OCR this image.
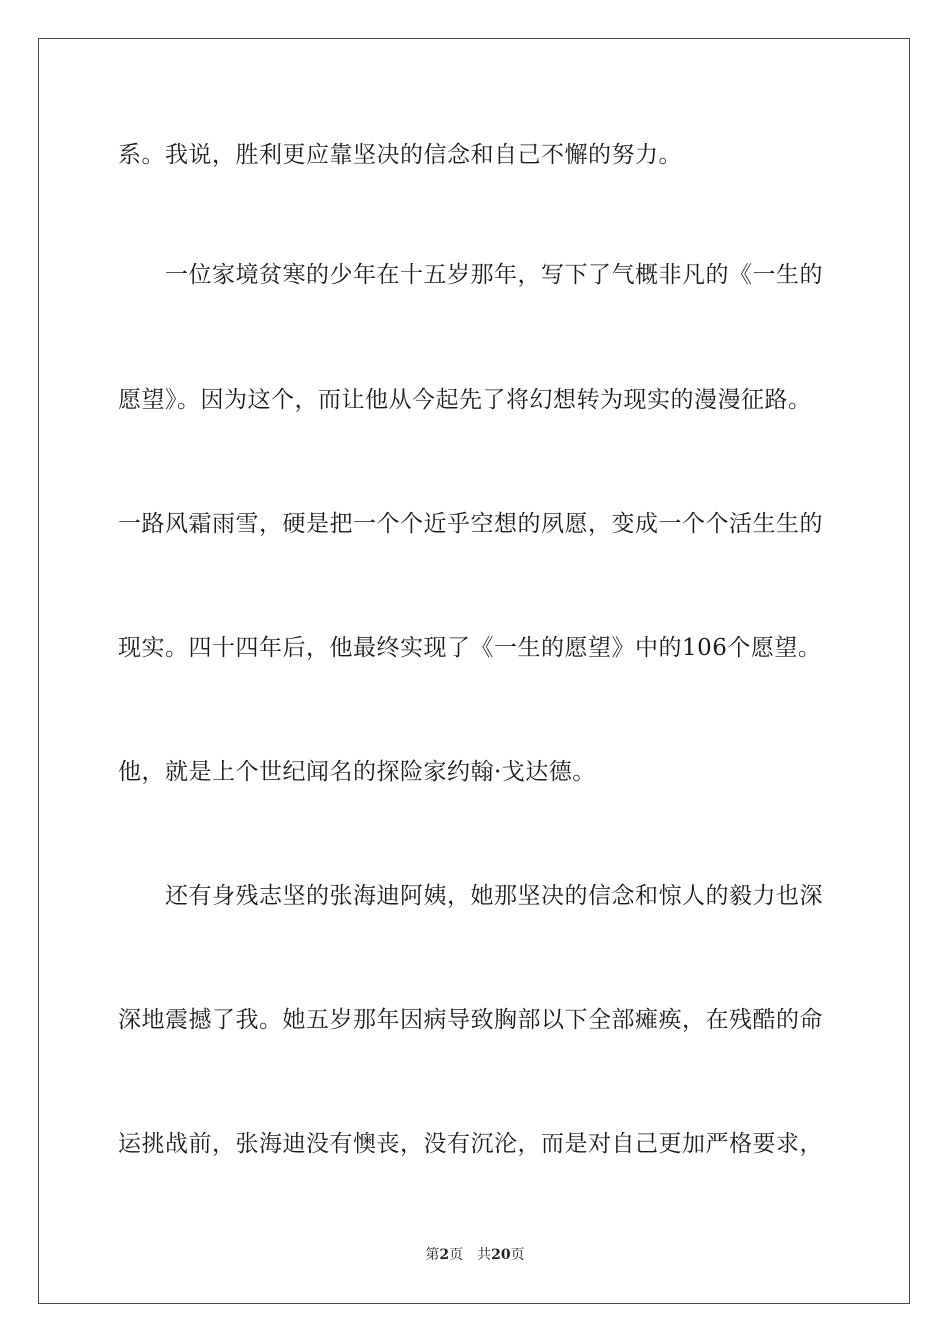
系。我说，胜利更应靠坚决的信念和自己不懈的努力。
　　一位家境贫寒的少年在十五岁那年，写下了气概非凡的《一生的
愿望》。因为这个，而让他从今起先了将幻想转为现实的漫漫征路。
一路风霜雨雪，硬是把一个个近乎空想的夙愿，变成一个个活生生的
现实。四十四年后，他最终实现了《一生的愿望》中的106个愿望。
他，就是上个世纪闻名的探险家约翰·戈达德。
　　还有身残志坚的张海迪阿姨，她那坚决的信念和惊人的毅力也深
深地震撼了我。她五岁那年因病导致胸部以下全部瘫痪，在残酷的命
运挑战前，张海迪没有懊丧，没有沉沦，而是对自己更加严格要求，
第2页 共20页
